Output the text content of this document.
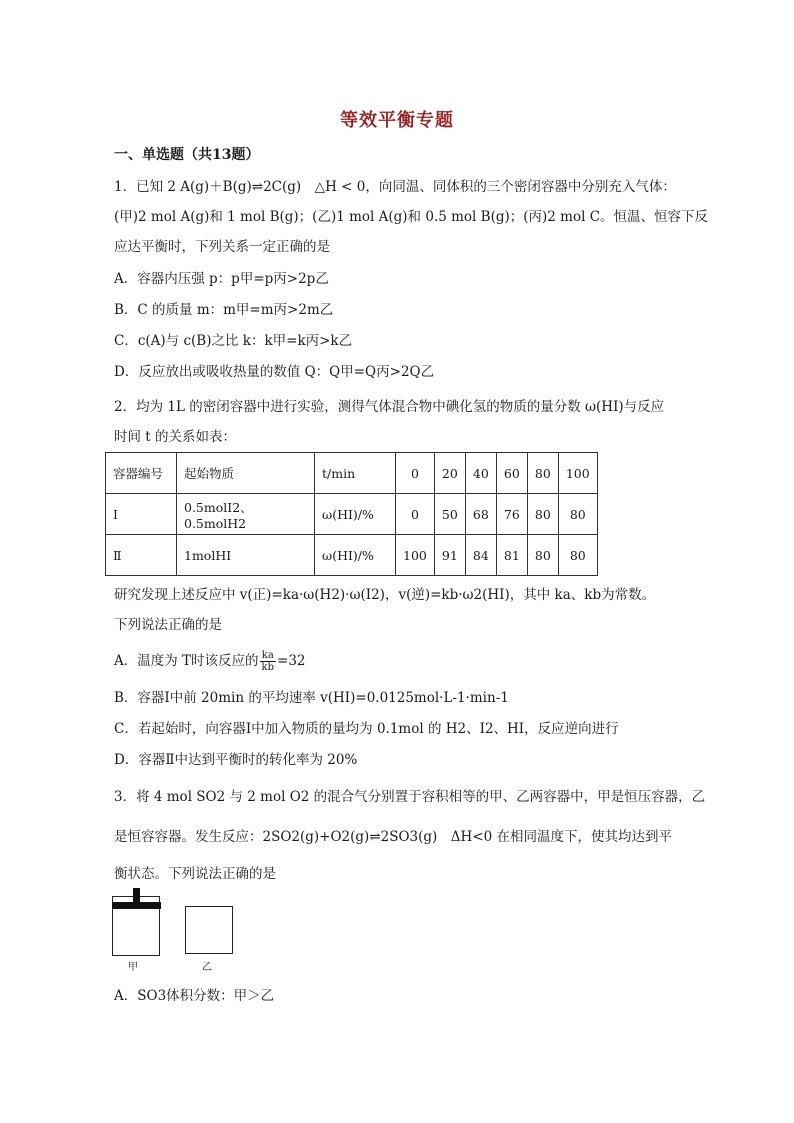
等效平衡专题
一、单选题（共13题）
1．已知 2 A(g)＋B(g)⇌2C(g)　△H < 0，向同温、同体积的三个密闭容器中分别充入气体：
(甲)2 mol A(g)和 1 mol B(g)；(乙)1 mol A(g)和 0.5 mol B(g)；(丙)2 mol C。恒温、恒容下反
应达平衡时，下列关系一定正确的是
A．容器内压强 p：p甲=p丙>2p乙
B．C 的质量 m：m甲=m丙>2m乙
C．c(A)与 c(B)之比 k：k甲=k丙>k乙
D．反应放出或吸收热量的数值 Q：Q甲=Q丙>2Q乙
2．均为 1L 的密闭容器中进行实验，测得气体混合物中碘化氢的物质的量分数 ω(HI)与反应
时间 t 的关系如表：
容器编号	起始物质	t/min	0	20	40	60	80	100
Ⅰ	0.5molI2、0.5molH2	ω(HI)/%	0	50	68	76	80	80
Ⅱ	1molHI	ω(HI)/%	100	91	84	81	80	80
研究发现上述反应中 v(正)=ka·ω(H2)·ω(I2)，v(逆)=kb·ω2(HI)，其中 ka、kb为常数。
下列说法正确的是
A．温度为 T时该反应的 $\frac{ka}{kb} =32$
B．容器Ⅰ中前 20min 的平均速率 v(HI)=0.0125mol·L-1·min-1
C．若起始时，向容器Ⅰ中加入物质的量均为 0.1mol 的 H2、I2、HI，反应逆向进行
D．容器Ⅱ中达到平衡时的转化率为 20%
3．将 4 mol SO2 与 2 mol O2 的混合气分别置于容积相等的甲、乙两容器中，甲是恒压容器，乙
是恒容容器。发生反应：2SO2(g)+O2(g)⇌2SO3(g)　ΔH<0 在相同温度下，使其均达到平
衡状态。下列说法正确的是
甲	乙
A．SO3体积分数：甲＞乙
